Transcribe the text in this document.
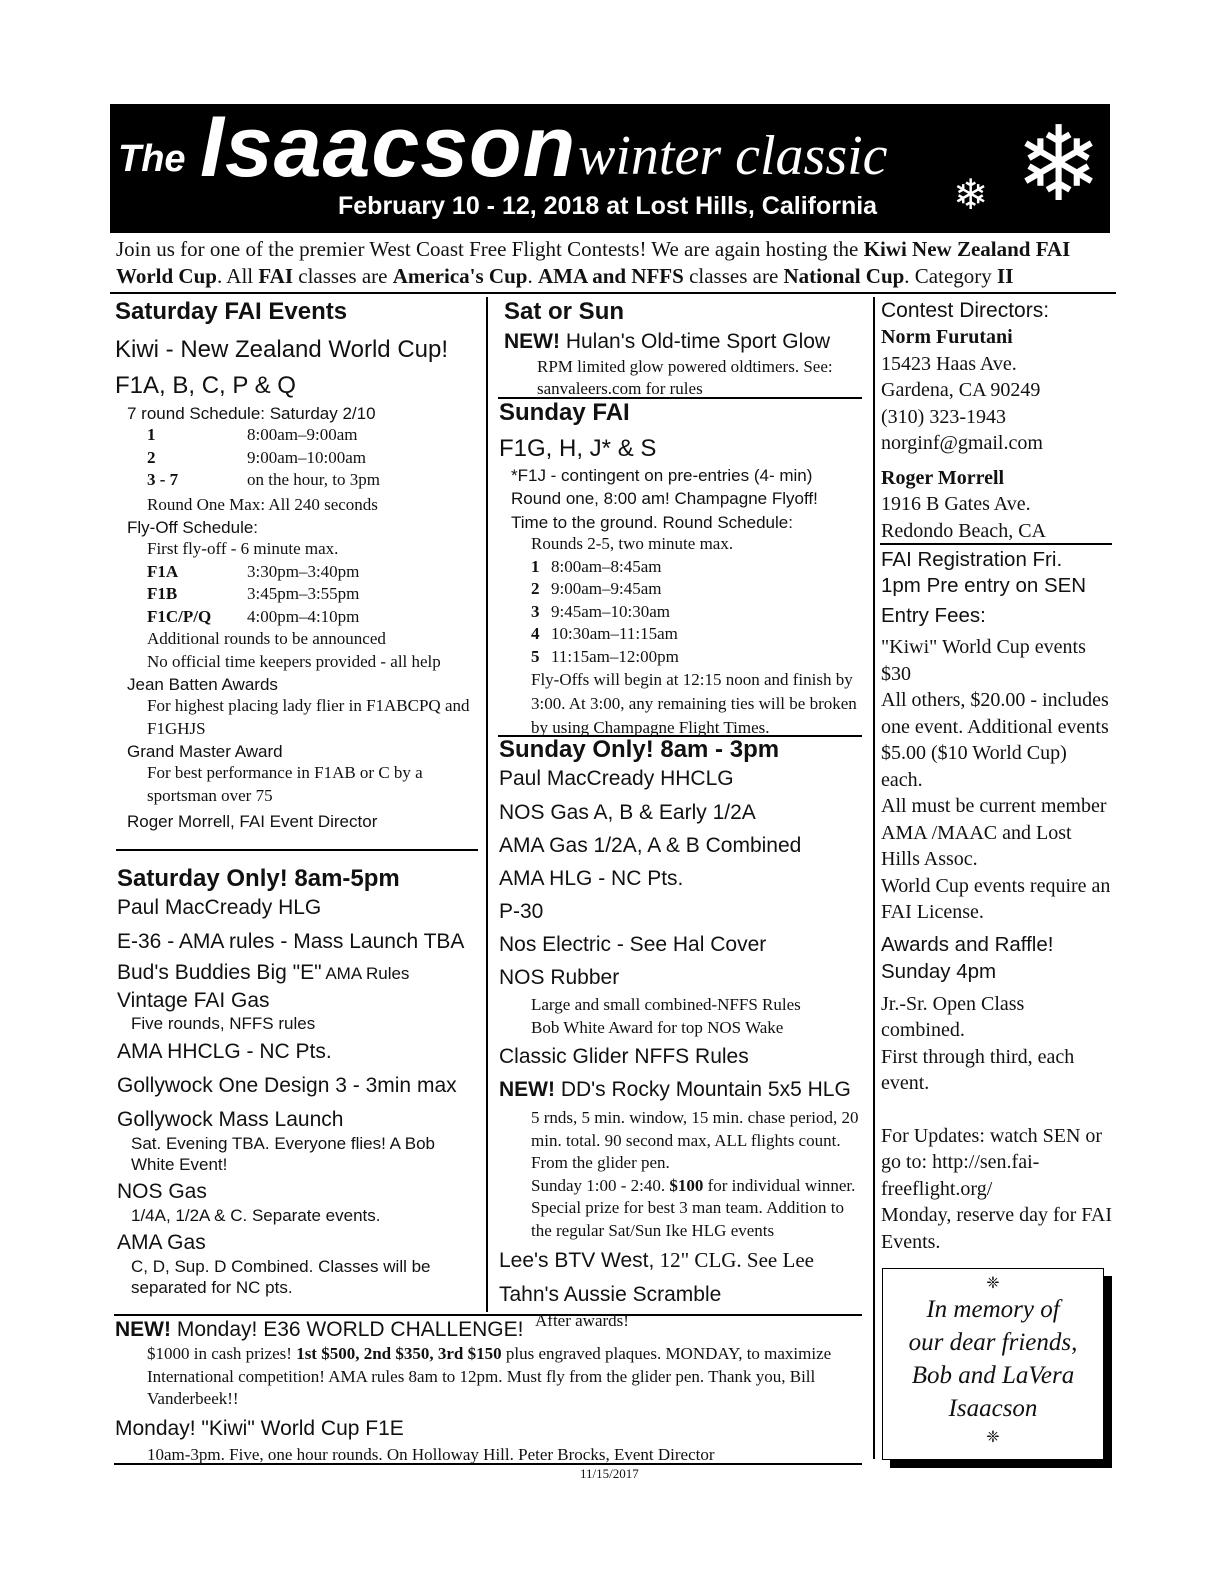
The Isaacson winter classic
February 10 - 12, 2018 at Lost Hills, California ❄ ❄
Join us for one of the premier West Coast Free Flight Contests! We are again hosting the Kiwi New Zealand FAI World Cup. All FAI classes are America's Cup. AMA and NFFS classes are National Cup. Category II
Saturday FAI Events
Kiwi - New Zealand World Cup!
F1A, B, C, P & Q
7 round Schedule: Saturday 2/10
1	8:00am–9:00am
2	9:00am–10:00am
3 - 7	on the hour, to 3pm
Round One Max: All 240 seconds
Fly-Off Schedule:
First fly-off - 6 minute max.
F1A	3:30pm–3:40pm
F1B	3:45pm–3:55pm
F1C/P/Q	4:00pm–4:10pm
Additional rounds to be announced
No official time keepers provided - all help
Jean Batten Awards
For highest placing lady flier in F1ABCPQ and F1GHJS
Grand Master Award
For best performance in F1AB or C by a sportsman over 75
Roger Morrell, FAI Event Director
Saturday Only! 8am-5pm
Paul MacCready HLG
E-36 - AMA rules - Mass Launch TBA
Bud's Buddies Big "E" AMA Rules
Vintage FAI Gas
Five rounds, NFFS rules
AMA HHCLG - NC Pts.
Gollywock One Design 3 - 3min max
Gollywock Mass Launch
Sat. Evening TBA. Everyone flies! A Bob White Event!
NOS Gas
1/4A, 1/2A & C. Separate events.
AMA Gas
C, D, Sup. D Combined. Classes will be separated for NC pts.
Sat or Sun
NEW! Hulan's Old-time Sport Glow
RPM limited glow powered oldtimers. See: sanvaleers.com for rules
Sunday FAI
F1G, H, J* & S
*F1J - contingent on pre-entries (4- min)
Round one, 8:00 am! Champagne Flyoff!
Time to the ground. Round Schedule:
Rounds 2-5, two minute max.
1 8:00am–8:45am
2 9:00am–9:45am
3 9:45am–10:30am
4 10:30am–11:15am
5 11:15am–12:00pm
Fly-Offs will begin at 12:15 noon and finish by 3:00. At 3:00, any remaining ties will be broken by using Champagne Flight Times.
Sunday Only! 8am - 3pm
Paul MacCready HHCLG
NOS Gas A, B & Early 1/2A
AMA Gas 1/2A, A & B Combined
AMA HLG - NC Pts.
P-30
Nos Electric - See Hal Cover
NOS Rubber
Large and small combined-NFFS Rules
Bob White Award for top NOS Wake
Classic Glider NFFS Rules
NEW! DD's Rocky Mountain 5x5 HLG
5 rnds, 5 min. window, 15 min. chase period, 20 min. total. 90 second max, ALL flights count. From the glider pen.
Sunday 1:00 - 2:40. $100 for individual winner. Special prize for best 3 man team. Addition to the regular Sat/Sun Ike HLG events
Lee's BTV West, 12" CLG. See Lee
Tahn's Aussie Scramble
After awards!
NEW! Monday! E36 WORLD CHALLENGE!
$1000 in cash prizes! 1st $500, 2nd $350, 3rd $150 plus engraved plaques. MONDAY, to maximize International competition! AMA rules 8am to 12pm. Must fly from the glider pen. Thank you, Bill Vanderbeek!!
Monday! "Kiwi" World Cup F1E
10am-3pm. Five, one hour rounds. On Holloway Hill. Peter Brocks, Event Director
Contest Directors:
Norm Furutani
15423 Haas Ave.
Gardena, CA 90249
(310) 323-1943
norginf@gmail.com
Roger Morrell
1916 B Gates Ave.
Redondo Beach, CA
FAI Registration Fri.
1pm Pre entry on SEN
Entry Fees:
"Kiwi" World Cup events $30
All others, $20.00 - includes one event. Additional events $5.00 ($10 World Cup) each.
All must be current member AMA /MAAC and Lost Hills Assoc.
World Cup events require an FAI License.
Awards and Raffle!
Sunday 4pm
Jr.-Sr. Open Class combined.
First through third, each event.
For Updates: watch SEN or go to: http://sen.fai-freeflight.org/
Monday, reserve day for FAI Events.
❈
In memory of
our dear friends,
Bob and LaVera
Isaacson
❈
11/15/2017
